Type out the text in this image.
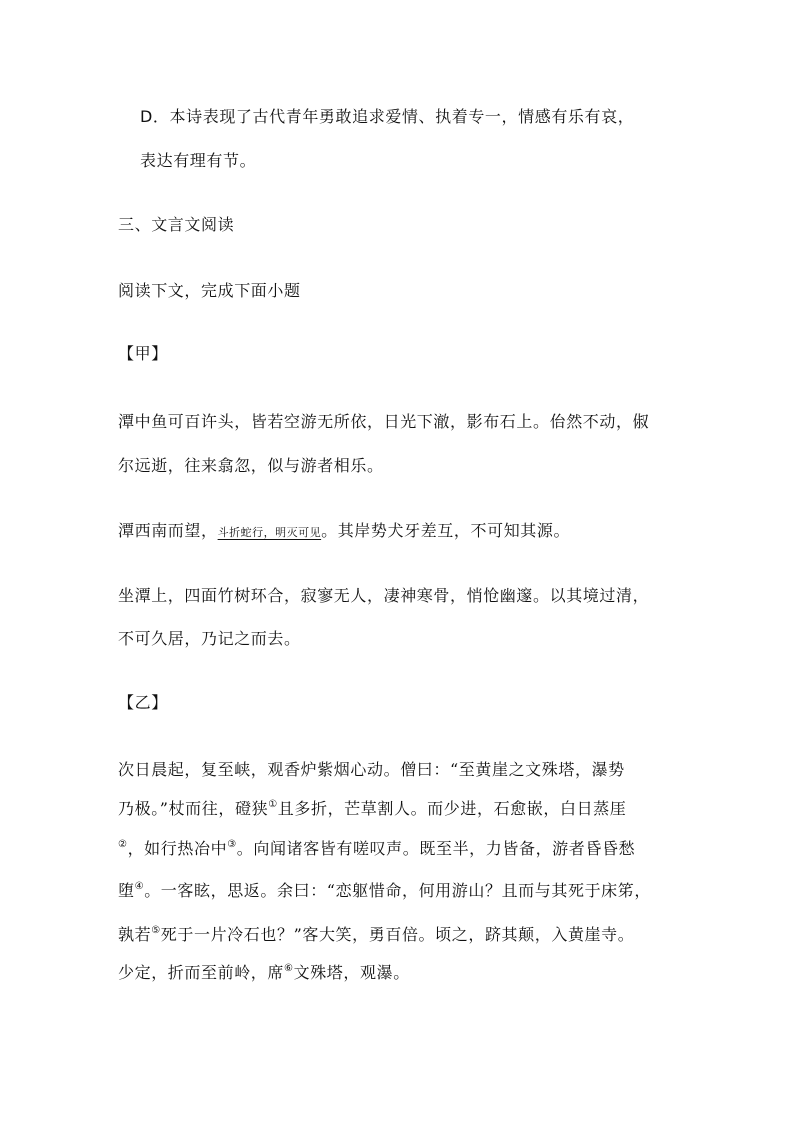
D．本诗表现了古代青年勇敢追求爱情、执着专一，情感有乐有哀，
表达有理有节。
三、文言文阅读
阅读下文，完成下面小题
【甲】
潭中鱼可百许头，皆若空游无所依，日光下澈，影布石上。佁然不动，俶
尔远逝，往来翕忽，似与游者相乐。
潭西南而望，斗折蛇行，明灭可见。其岸势犬牙差互，不可知其源。
坐潭上，四面竹树环合，寂寥无人，凄神寒骨，悄怆幽邃。以其境过清，
不可久居，乃记之而去。
【乙】
次日晨起，复至峡，观香炉紫烟心动。僧曰：“至黄崖之文殊塔，瀑势
乃极。”杖而往，磴狭①且多折，芒草割人。而少进，石愈嵌，白日蒸厓
②，如行热冶中③。向闻诸客皆有嗟叹声。既至半，力皆备，游者昏昏愁
堕④。一客眩，思返。余曰：“恋躯惜命，何用游山？且而与其死于床笫，
孰若⑤死于一片冷石也？”客大笑，勇百倍。顷之，跻其颠，入黄崖寺。
少定，折而至前岭，席⑥文殊塔，观瀑。
